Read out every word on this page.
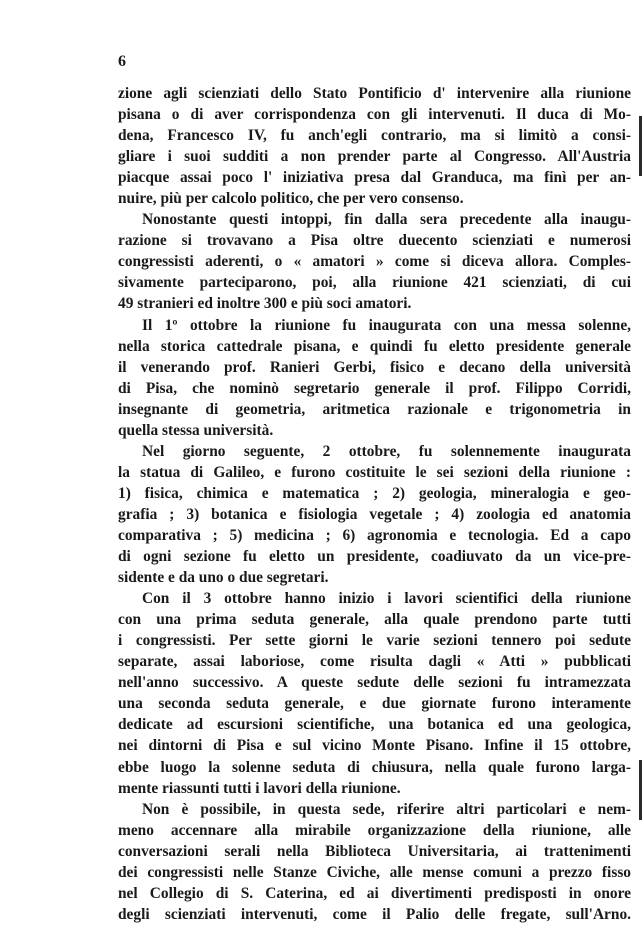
6
zione agli scienziati dello Stato Pontificio d' intervenire alla riunione
pisana o di aver corrispondenza con gli intervenuti. Il duca di Mo-
dena, Francesco IV, fu anch'egli contrario, ma si limitò a consi-
gliare i suoi sudditi a non prender parte al Congresso. All'Austria
piacque assai poco l' iniziativa presa dal Granduca, ma finì per an-
nuire, più per calcolo politico, che per vero consenso.
Nonostante questi intoppi, fin dalla sera precedente alla inaugu-
razione si trovavano a Pisa oltre duecento scienziati e numerosi
congressisti aderenti, o « amatori » come si diceva allora. Comples-
sivamente parteciparono, poi, alla riunione 421 scienziati, di cui
49 stranieri ed inoltre 300 e più soci amatori.
Il 1º ottobre la riunione fu inaugurata con una messa solenne,
nella storica cattedrale pisana, e quindi fu eletto presidente generale
il venerando prof. Ranieri Gerbi, fisico e decano della università
di Pisa, che nominò segretario generale il prof. Filippo Corridi,
insegnante di geometria, aritmetica razionale e trigonometria in
quella stessa università.
Nel giorno seguente, 2 ottobre, fu solennemente inaugurata
la statua di Galileo, e furono costituite le sei sezioni della riunione :
1) fisica, chimica e matematica ; 2) geologia, mineralogia e geo-
grafia ; 3) botanica e fisiologia vegetale ; 4) zoologia ed anatomia
comparativa ; 5) medicina ; 6) agronomia e tecnologia. Ed a capo
di ogni sezione fu eletto un presidente, coadiuvato da un vice-pre-
sidente e da uno o due segretari.
Con il 3 ottobre hanno inizio i lavori scientifici della riunione
con una prima seduta generale, alla quale prendono parte tutti
i congressisti. Per sette giorni le varie sezioni tennero poi sedute
separate, assai laboriose, come risulta dagli « Atti » pubblicati
nell'anno successivo. A queste sedute delle sezioni fu intramezzata
una seconda seduta generale, e due giornate furono interamente
dedicate ad escursioni scientifiche, una botanica ed una geologica,
nei dintorni di Pisa e sul vicino Monte Pisano. Infine il 15 ottobre,
ebbe luogo la solenne seduta di chiusura, nella quale furono larga-
mente riassunti tutti i lavori della riunione.
Non è possibile, in questa sede, riferire altri particolari e nem-
meno accennare alla mirabile organizzazione della riunione, alle
conversazioni serali nella Biblioteca Universitaria, ai trattenimenti
dei congressisti nelle Stanze Civiche, alle mense comuni a prezzo fisso
nel Collegio di S. Caterina, ed ai divertimenti predisposti in onore
degli scienziati intervenuti, come il Palio delle fregate, sull'Arno.
